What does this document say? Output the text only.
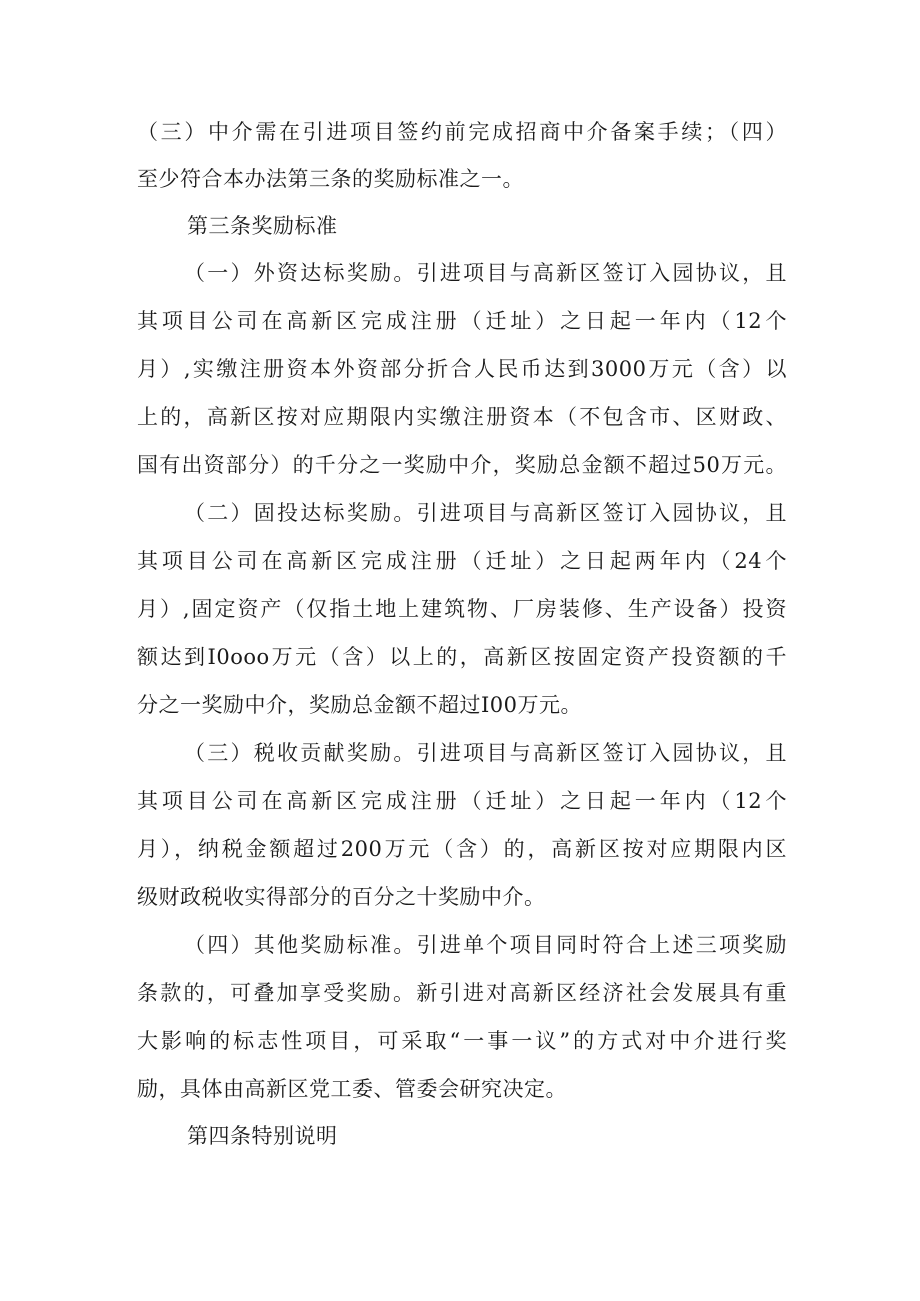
（三）中介需在引进项目签约前完成招商中介备案手续；（四）
至少符合本办法第三条的奖励标准之一。
第三条奖励标准
（一）外资达标奖励。引进项目与高新区签订入园协议，且
其项目公司在高新区完成注册（迁址）之日起一年内（12个
月）,实缴注册资本外资部分折合人民币达到3000万元（含）以
上的，高新区按对应期限内实缴注册资本（不包含市、区财政、
国有出资部分）的千分之一奖励中介，奖励总金额不超过50万元。
（二）固投达标奖励。引进项目与高新区签订入园协议，且
其项目公司在高新区完成注册（迁址）之日起两年内（24个
月）,固定资产（仅指土地上建筑物、厂房装修、生产设备）投资
额达到I0ooo万元（含）以上的，高新区按固定资产投资额的千
分之一奖励中介，奖励总金额不超过I00万元。
（三）税收贡献奖励。引进项目与高新区签订入园协议，且
其项目公司在高新区完成注册（迁址）之日起一年内（12个
月），纳税金额超过200万元（含）的，高新区按对应期限内区
级财政税收实得部分的百分之十奖励中介。
（四）其他奖励标准。引进单个项目同时符合上述三项奖励
条款的，可叠加享受奖励。新引进对高新区经济社会发展具有重
大影响的标志性项目，可采取“一事一议”的方式对中介进行奖
励，具体由高新区党工委、管委会研究决定。
第四条特别说明
